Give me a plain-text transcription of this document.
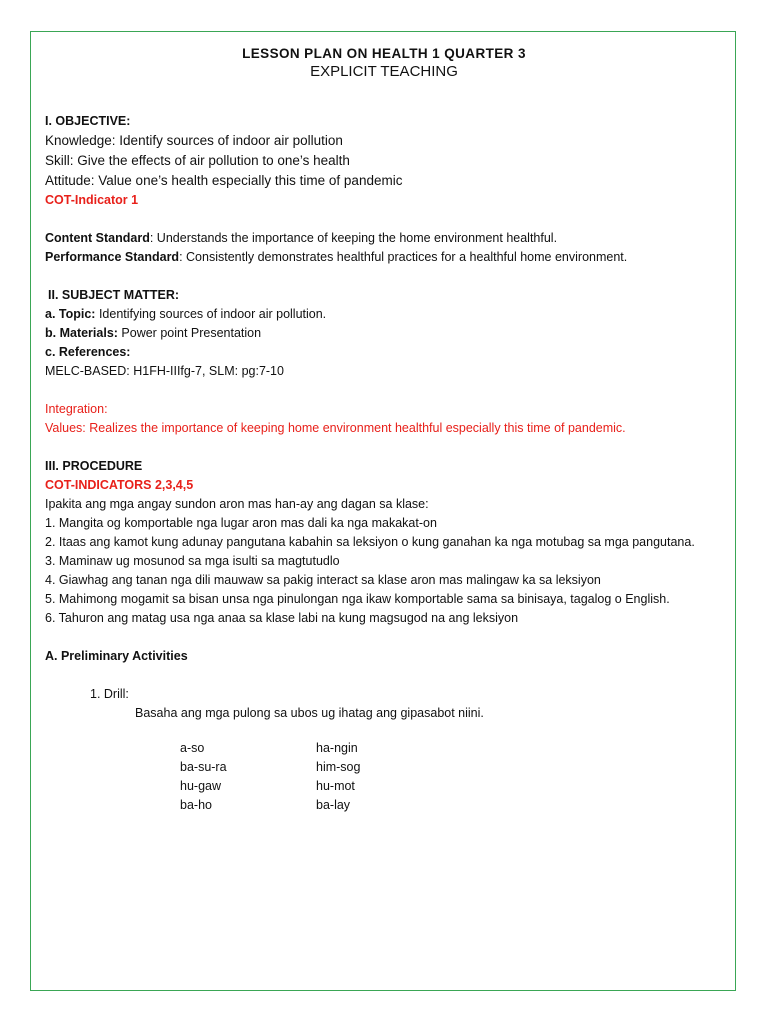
LESSON PLAN ON HEALTH 1 QUARTER 3
EXPLICIT TEACHING
I. OBJECTIVE:
Knowledge: Identify sources of indoor air pollution
Skill: Give the effects of air pollution to one’s health
Attitude: Value one’s health especially this time of pandemic
COT-Indicator 1
Content Standard: Understands the importance of keeping the home environment healthful.
Performance Standard: Consistently demonstrates healthful practices for a healthful home environment.
II. SUBJECT MATTER:
a. Topic: Identifying sources of indoor air pollution.
b. Materials: Power point Presentation
c. References:
MELC-BASED: H1FH-IIIfg-7, SLM: pg:7-10
Integration:
Values: Realizes the importance of keeping home environment healthful especially this time of pandemic.
III. PROCEDURE
COT-INDICATORS 2,3,4,5
Ipakita ang mga angay sundon aron mas han-ay ang dagan sa klase:
1. Mangita og komportable nga lugar aron mas dali ka nga makakat-on
2. Itaas ang kamot kung adunay pangutana kabahin sa leksiyon o kung ganahan ka nga motubag sa mga pangutana.
3. Maminaw ug mosunod sa mga isulti sa magtutudlo
4. Giawhag ang tanan nga dili mauwaw sa pakig interact sa klase aron mas malingaw ka sa leksiyon
5. Mahimong mogamit sa bisan unsa nga pinulongan nga ikaw komportable sama sa binisaya, tagalog o English.
6. Tahuron ang matag usa nga anaa sa klase labi na kung magsugod na ang leksiyon
A. Preliminary Activities
1. Drill:
Basaha ang mga pulong sa ubos ug ihatag ang gipasabot niini.
a-so
ba-su-ra
hu-gaw
ba-ho
ha-ngin
him-sog
hu-mot
ba-lay
